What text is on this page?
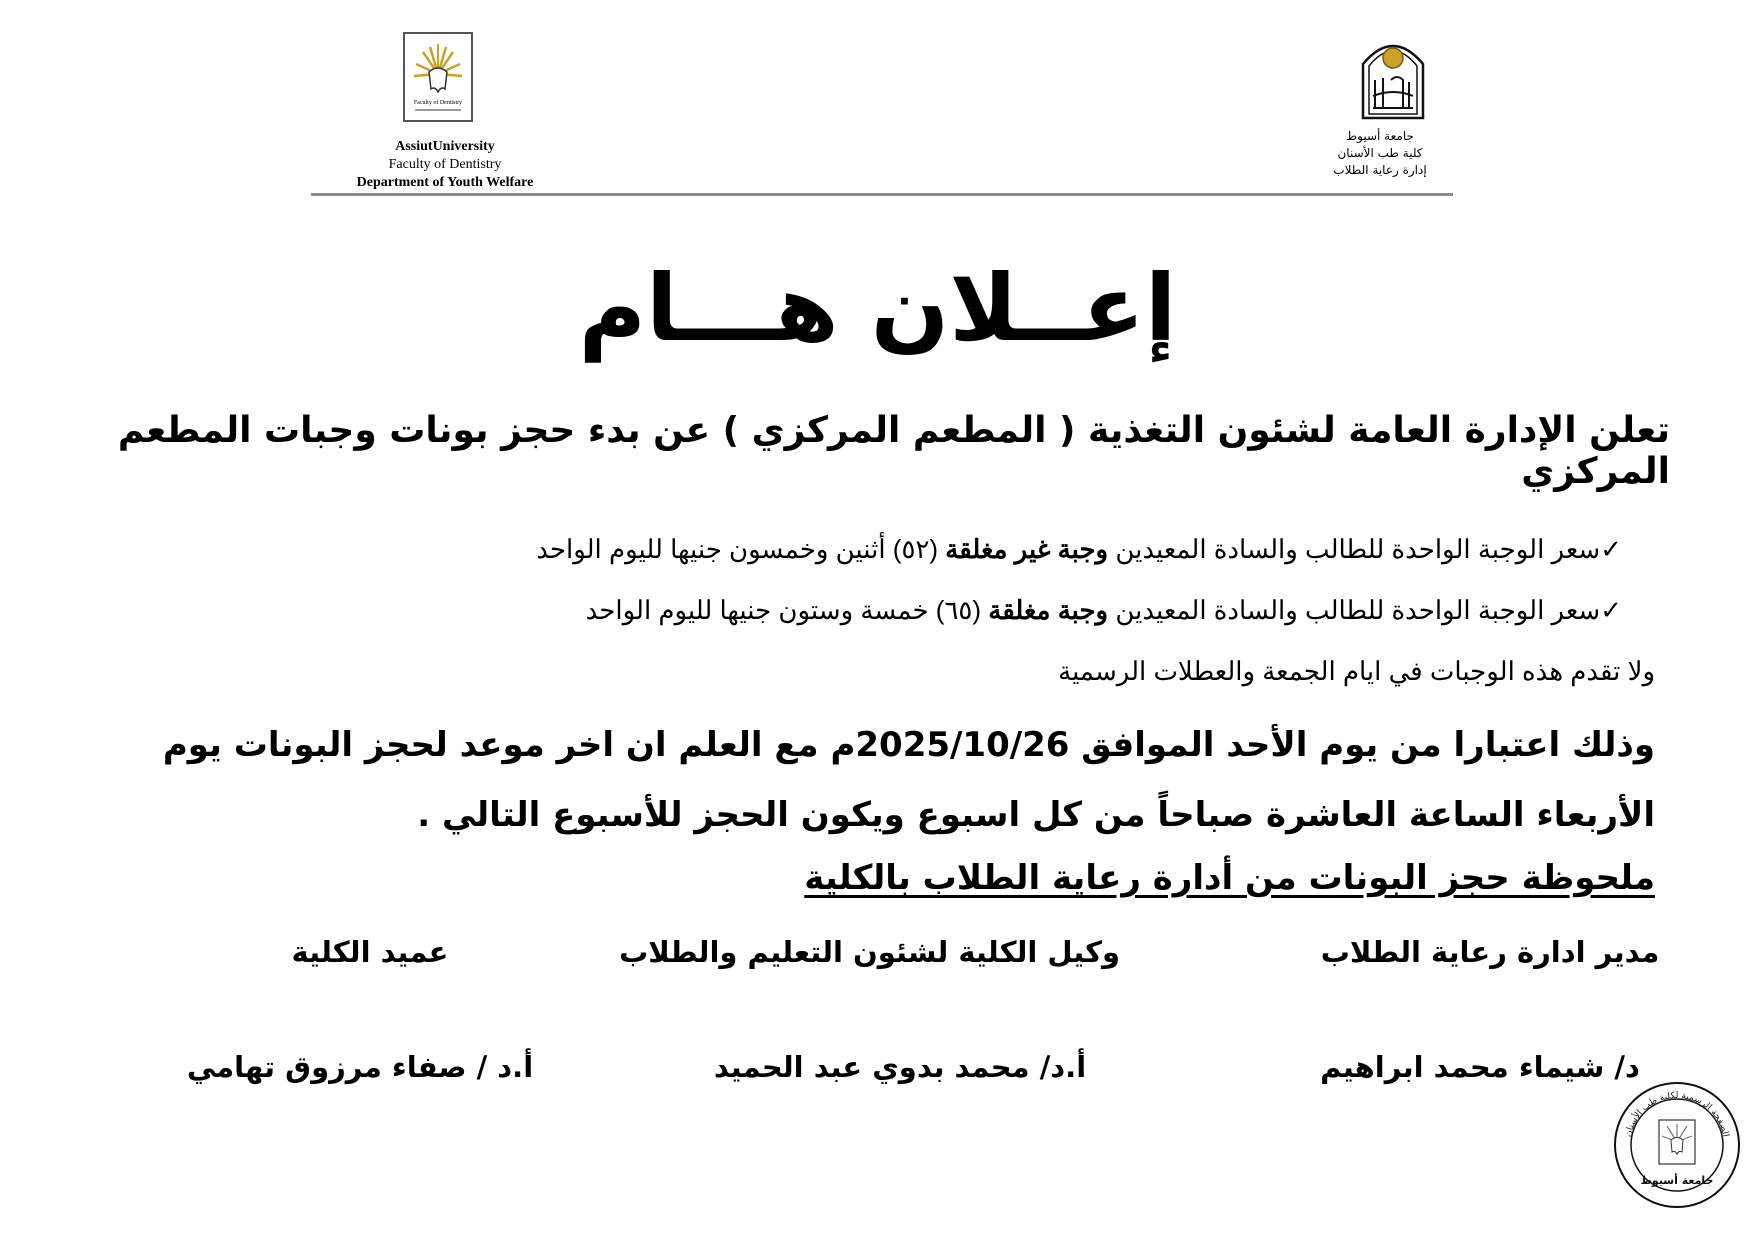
Faculty of Dentistry
AssiutUniversity
Faculty of Dentistry
Department of Youth Welfare
جامعة أسيوط
كلية طب الأسنان
إدارة رعاية الطلاب
إعــلان هـــام
تعلن الإدارة العامة لشئون التغذية ( المطعم المركزي ) عن بدء حجز بونات وجبات المطعم المركزي
✓سعر الوجبة الواحدة للطالب والسادة المعيدين وجبة غير مغلقة (٥٢) أثنين وخمسون جنيها لليوم الواحد
✓سعر الوجبة الواحدة للطالب والسادة المعيدين وجبة مغلقة (٦٥) خمسة وستون جنيها لليوم الواحد
ولا تقدم هذه الوجبات في ايام الجمعة والعطلات الرسمية
وذلك اعتبارا من يوم الأحد الموافق 2025/10/26م مع العلم ان اخر موعد لحجز البونات يوم
الأربعاء الساعة العاشرة صباحاً من كل اسبوع ويكون الحجز للأسبوع التالي .
ملحوظة حجز البونات من أدارة رعاية الطلاب بالكلية
مدير ادارة رعاية الطلاب
وكيل الكلية لشئون التعليم والطلاب
عميد الكلية
د/ شيماء محمد ابراهيم
أ.د/ محمد بدوي عبد الحميد
أ.د / صفاء مرزوق تهامي
الصفحة الرسمية لكلية طب الأسنان
جامعة أسيوط
